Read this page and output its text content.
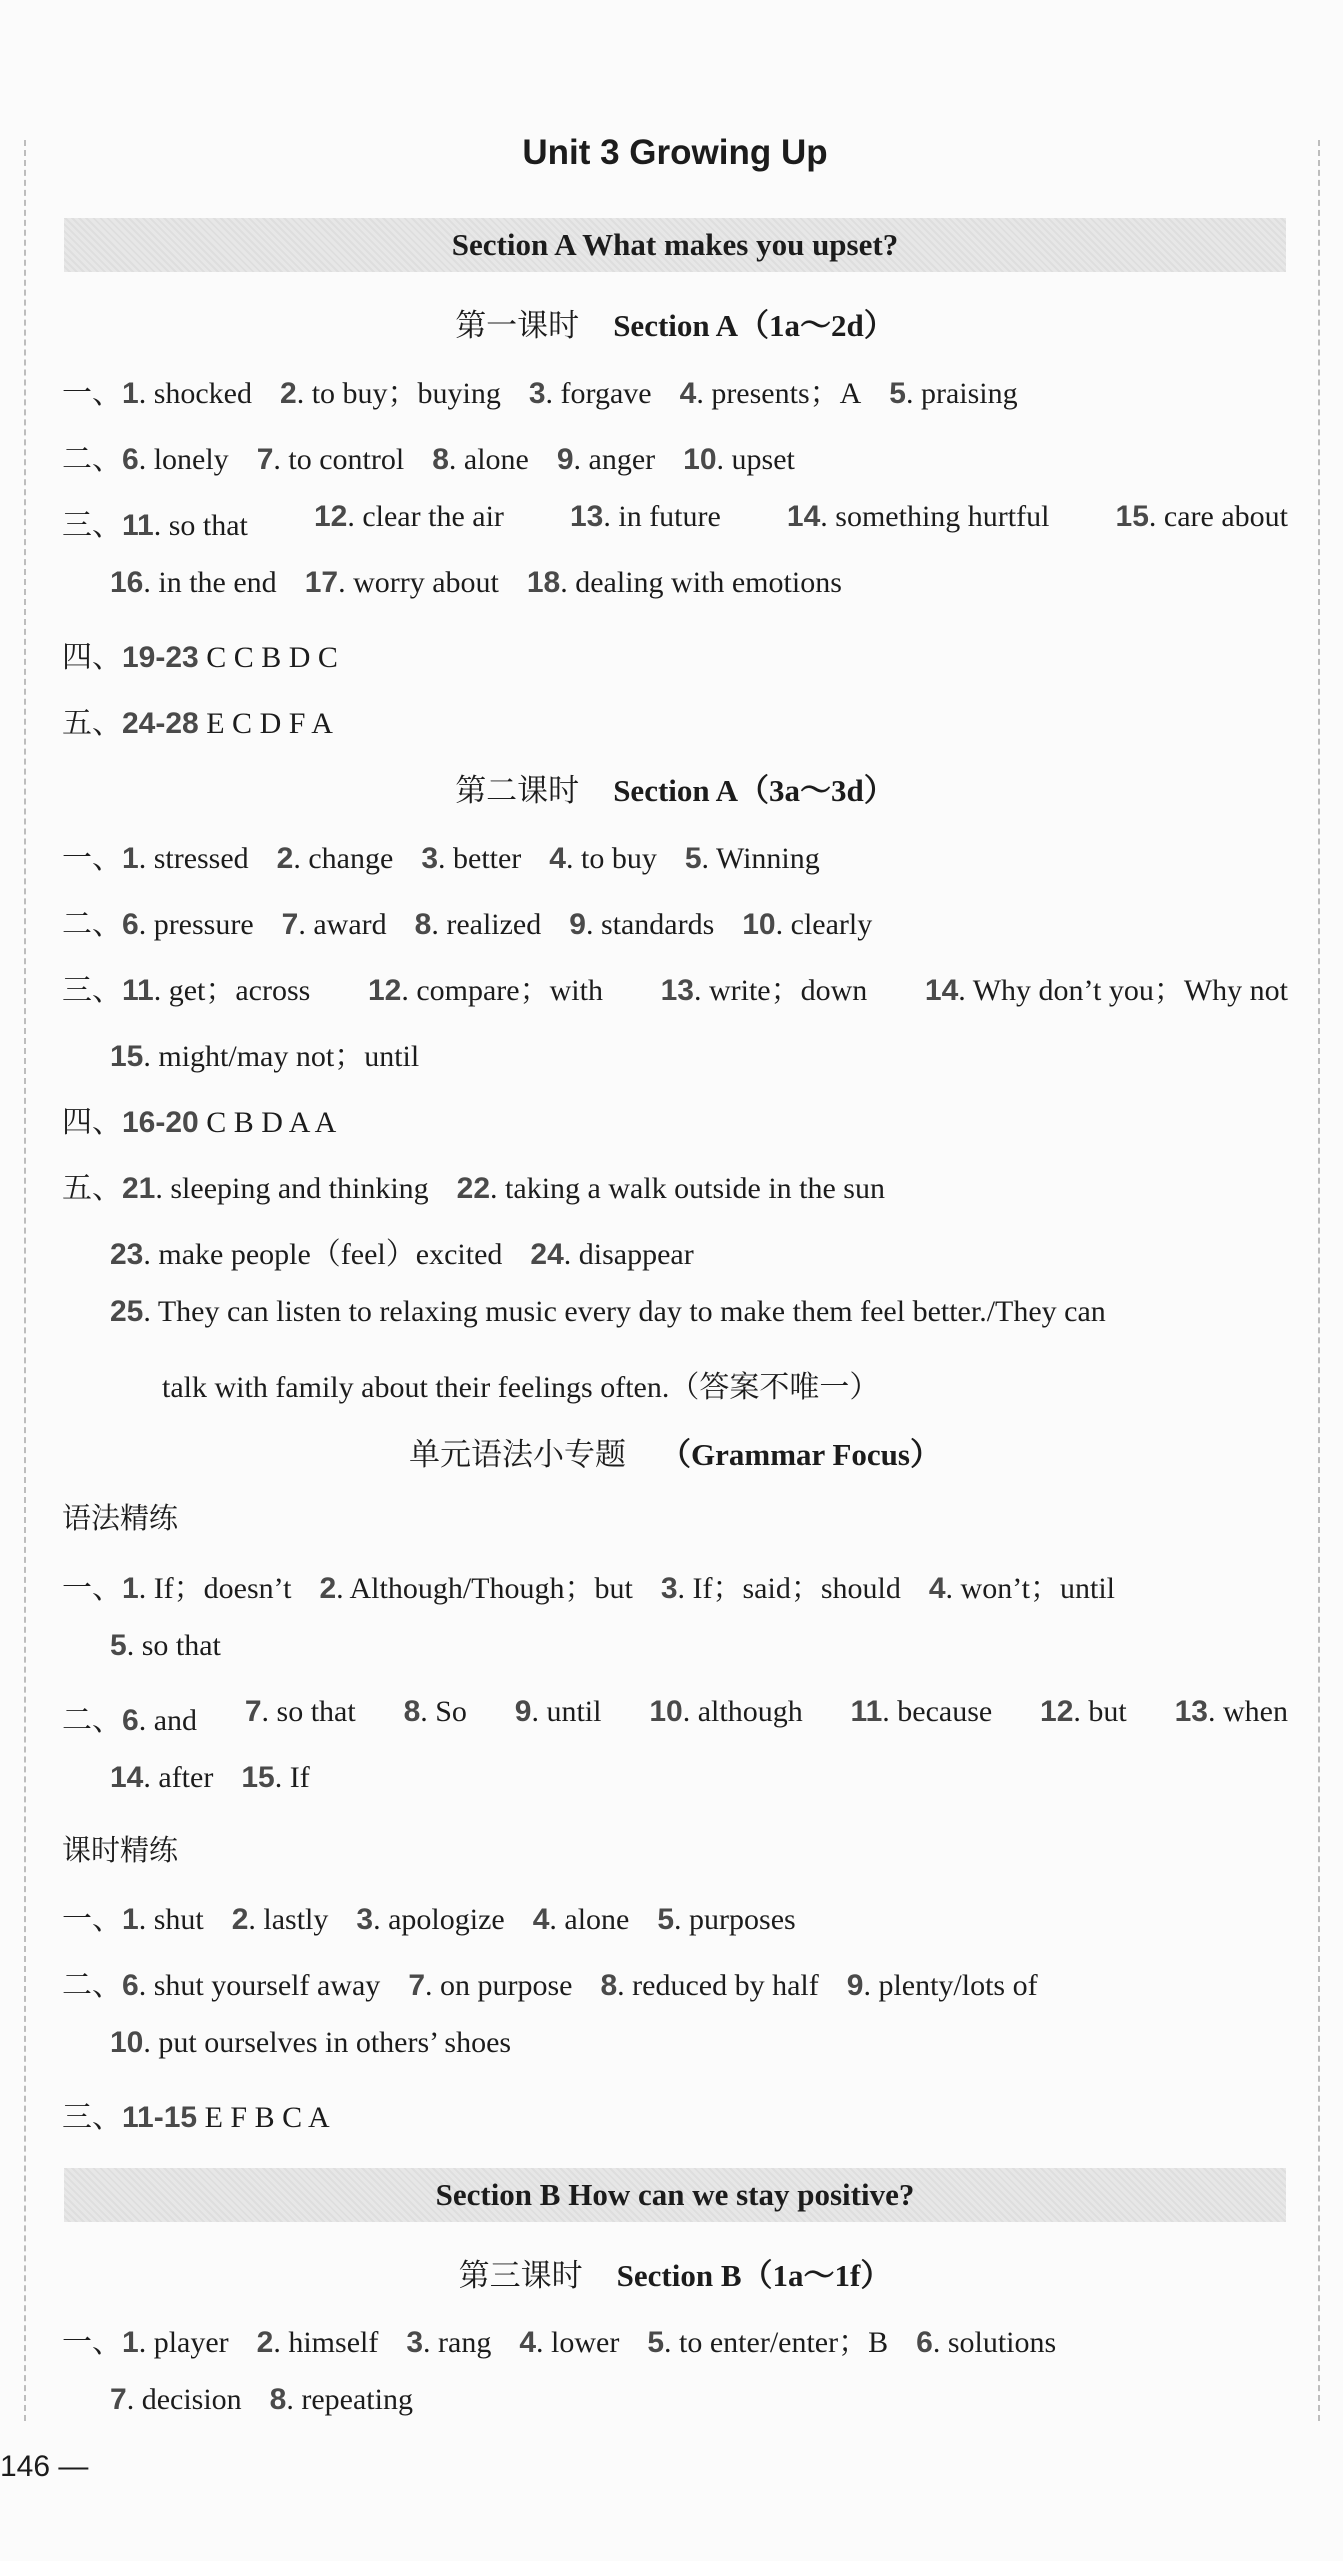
Unit 3 Growing Up
Section A What makes you upset?
第一课时 Section A（1a～2d）
一、1. shocked 2. to buy；buying 3. forgave 4. presents；A 5. praising
二、6. lonely 7. to control 8. alone 9. anger 10. upset
三、11. so that 12. clear the air 13. in future 14. something hurtful 15. care about
16. in the end 17. worry about 18. dealing with emotions
四、19-23 C C B D C
五、24-28 E C D F A
第二课时 Section A（3a～3d）
一、1. stressed 2. change 3. better 4. to buy 5. Winning
二、6. pressure 7. award 8. realized 9. standards 10. clearly
三、11. get；across 12. compare；with 13. write；down 14. Why don’t you；Why not
15. might/may not；until
四、16-20 C B D A A
五、21. sleeping and thinking 22. taking a walk outside in the sun
23. make people（feel）excited 24. disappear
25. They can listen to relaxing music every day to make them feel better./They can
talk with family about their feelings often.（答案不唯一）
单元语法小专题 （Grammar Focus）
语法精练
一、1. If；doesn’t 2. Although/Though；but 3. If；said；should 4. won’t；until
5. so that
二、6. and 7. so that 8. So 9. until 10. although 11. because 12. but 13. when
14. after 15. If
课时精练
一、1. shut 2. lastly 3. apologize 4. alone 5. purposes
二、6. shut yourself away 7. on purpose 8. reduced by half 9. plenty/lots of
10. put ourselves in others’ shoes
三、11-15 E F B C A
Section B How can we stay positive?
第三课时 Section B（1a～1f）
一、1. player 2. himself 3. rang 4. lower 5. to enter/enter；B 6. solutions
7. decision 8. repeating
146 —
